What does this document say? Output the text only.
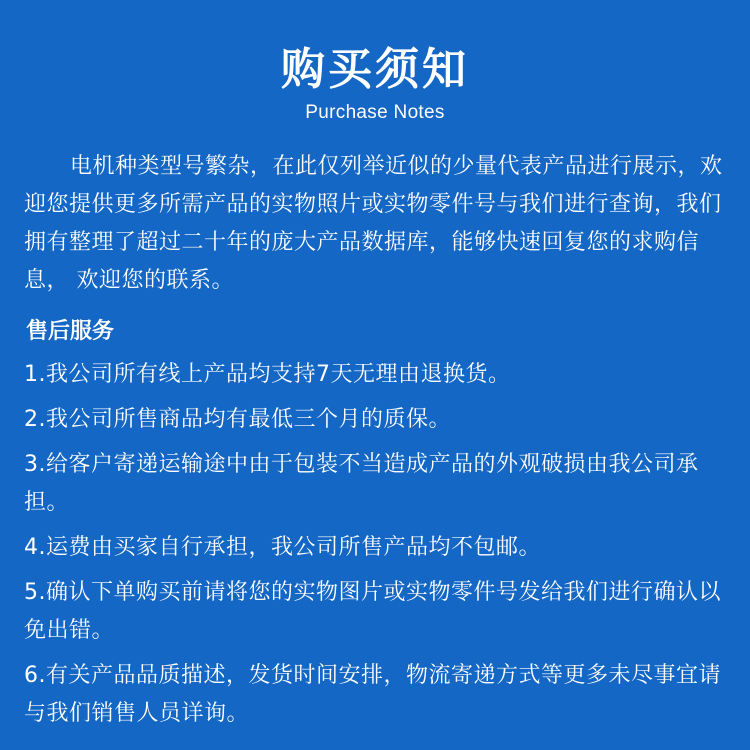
购买须知
Purchase Notes

电机种类型号繁杂，在此仅列举近似的少量代表产品进行展示，欢迎您提供更多所需产品的实物照片或实物零件号与我们进行查询，我们拥有整理了超过二十年的庞大产品数据库，能够快速回复您的求购信息， 欢迎您的联系。

售后服务
1.我公司所有线上产品均支持7天无理由退换货。
2.我公司所售商品均有最低三个月的质保。
3.给客户寄递运输途中由于包装不当造成产品的外观破损由我公司承担。
4.运费由买家自行承担，我公司所售产品均不包邮。
5.确认下单购买前请将您的实物图片或实物零件号发给我们进行确认以免出错。
6.有关产品品质描述，发货时间安排，物流寄递方式等更多未尽事宜请与我们销售人员详询。
